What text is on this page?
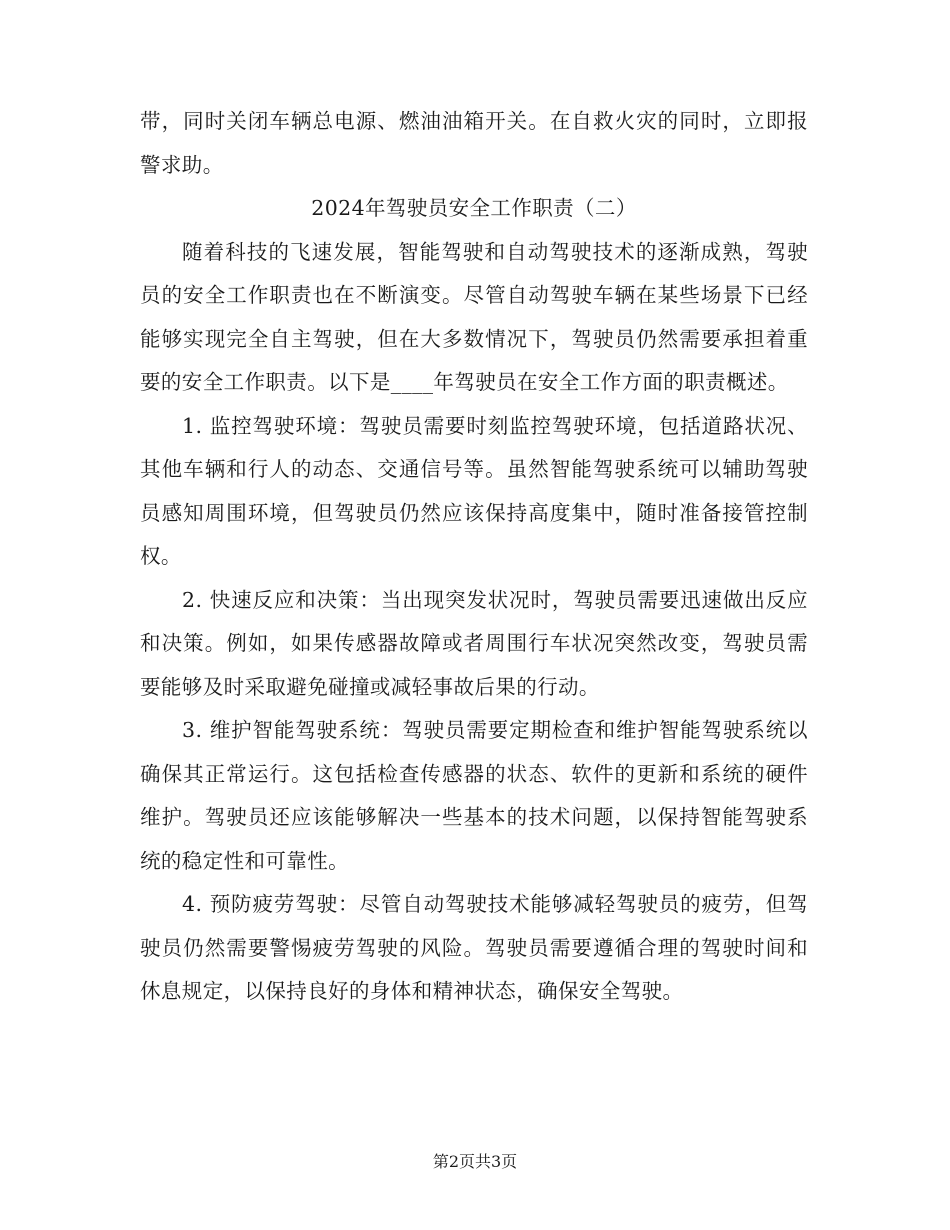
带，同时关闭车辆总电源、燃油油箱开关。在自救火灾的同时，立即报警求助。

2024年驾驶员安全工作职责（二）

随着科技的飞速发展，智能驾驶和自动驾驶技术的逐渐成熟，驾驶员的安全工作职责也在不断演变。尽管自动驾驶车辆在某些场景下已经能够实现完全自主驾驶，但在大多数情况下，驾驶员仍然需要承担着重要的安全工作职责。以下是____年驾驶员在安全工作方面的职责概述。

1. 监控驾驶环境：驾驶员需要时刻监控驾驶环境，包括道路状况、其他车辆和行人的动态、交通信号等。虽然智能驾驶系统可以辅助驾驶员感知周围环境，但驾驶员仍然应该保持高度集中，随时准备接管控制权。

2. 快速反应和决策：当出现突发状况时，驾驶员需要迅速做出反应和决策。例如，如果传感器故障或者周围行车状况突然改变，驾驶员需要能够及时采取避免碰撞或减轻事故后果的行动。

3. 维护智能驾驶系统：驾驶员需要定期检查和维护智能驾驶系统以确保其正常运行。这包括检查传感器的状态、软件的更新和系统的硬件维护。驾驶员还应该能够解决一些基本的技术问题，以保持智能驾驶系统的稳定性和可靠性。

4. 预防疲劳驾驶：尽管自动驾驶技术能够减轻驾驶员的疲劳，但驾驶员仍然需要警惕疲劳驾驶的风险。驾驶员需要遵循合理的驾驶时间和休息规定，以保持良好的身体和精神状态，确保安全驾驶。

第2页共3页
